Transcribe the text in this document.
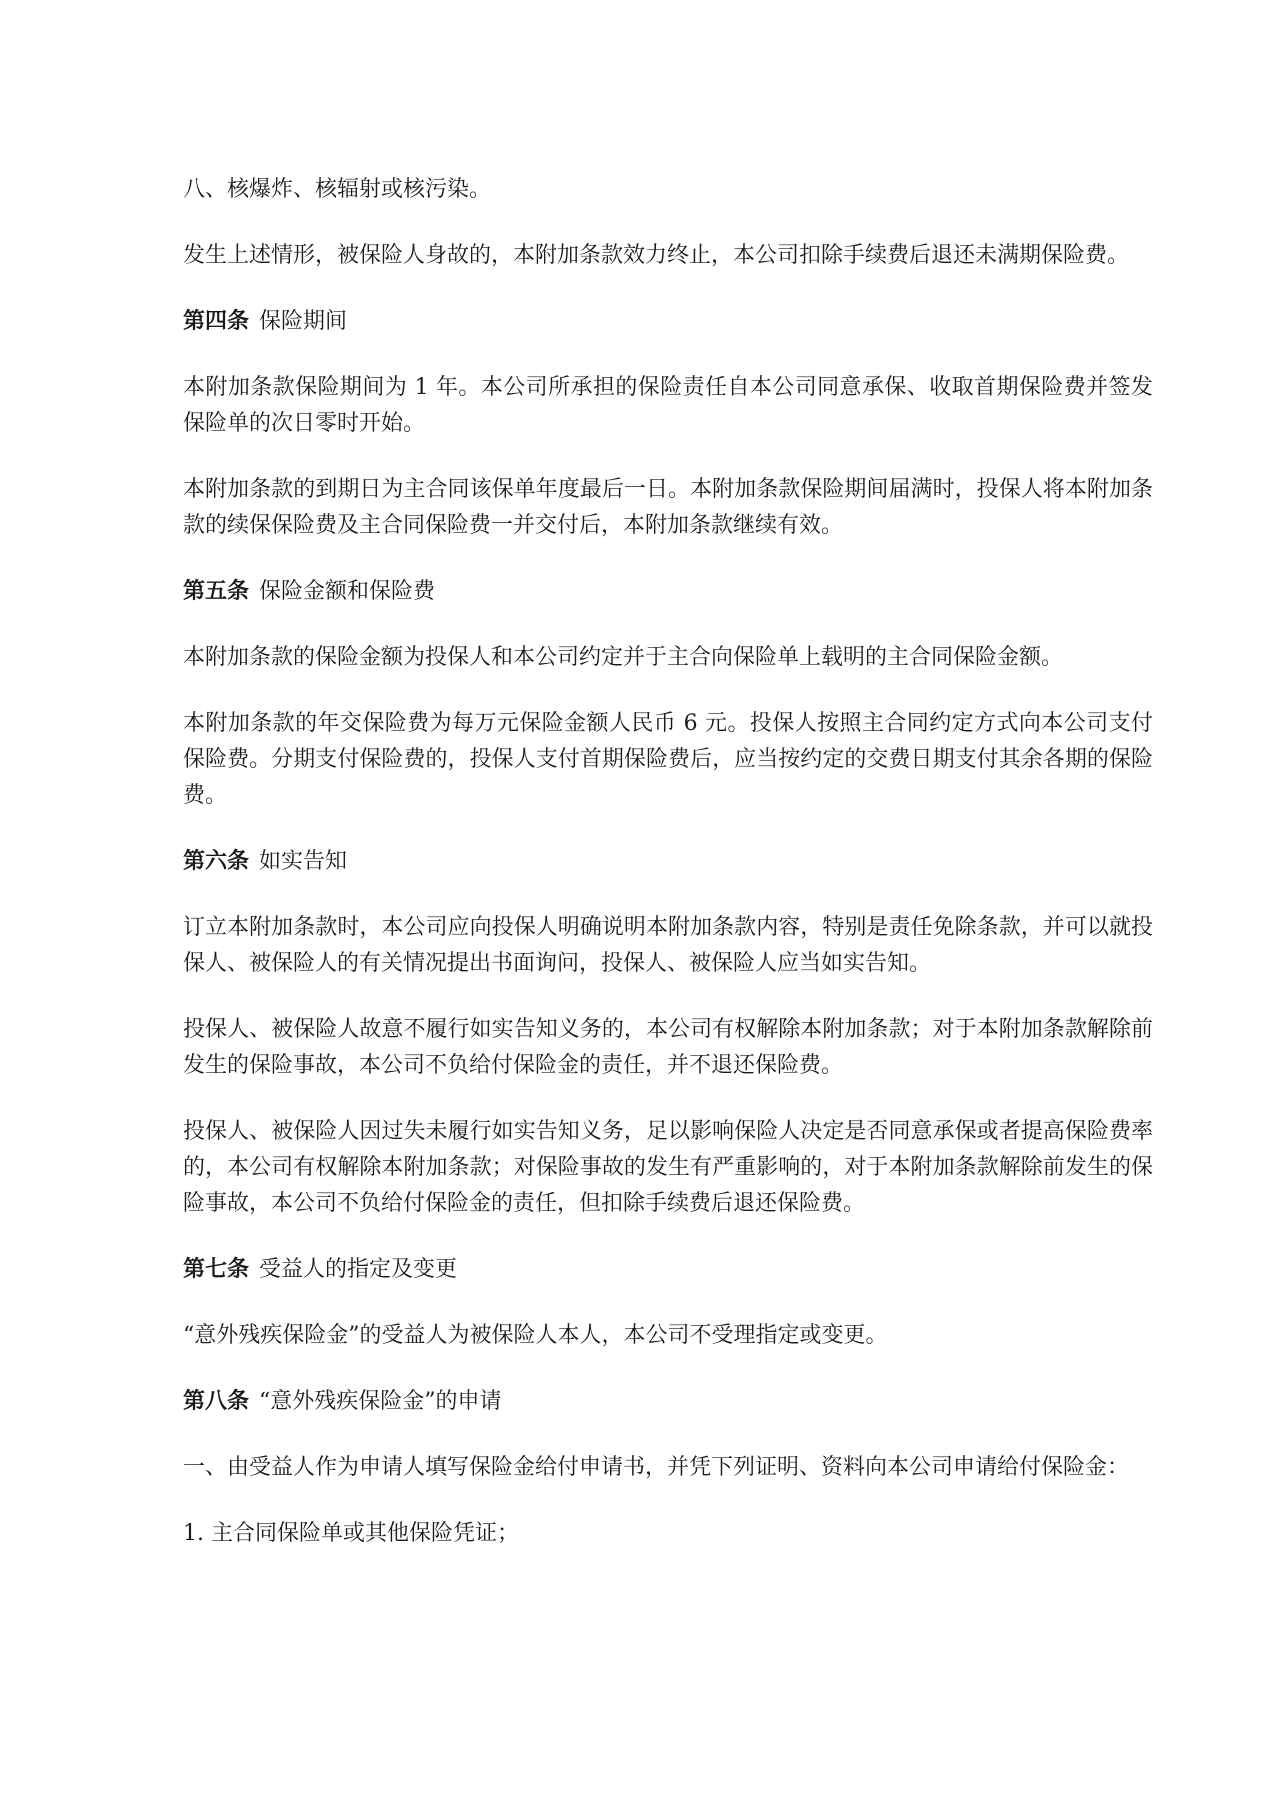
八、核爆炸、核辐射或核污染。

发生上述情形，被保险人身故的，本附加条款效力终止，本公司扣除手续费后退还未满期保险费。

第四条 保险期间

本附加条款保险期间为 1 年。本公司所承担的保险责任自本公司同意承保、收取首期保险费并签发保险单的次日零时开始。

本附加条款的到期日为主合同该保单年度最后一日。本附加条款保险期间届满时，投保人将本附加条款的续保保险费及主合同保险费一并交付后，本附加条款继续有效。

第五条 保险金额和保险费

本附加条款的保险金额为投保人和本公司约定并于主合向保险单上载明的主合同保险金额。

本附加条款的年交保险费为每万元保险金额人民币 6 元。投保人按照主合同约定方式向本公司支付保险费。分期支付保险费的，投保人支付首期保险费后，应当按约定的交费日期支付其余各期的保险费。

第六条 如实告知

订立本附加条款时，本公司应向投保人明确说明本附加条款内容，特别是责任免除条款，并可以就投保人、被保险人的有关情况提出书面询问，投保人、被保险人应当如实告知。

投保人、被保险人故意不履行如实告知义务的，本公司有权解除本附加条款；对于本附加条款解除前发生的保险事故，本公司不负给付保险金的责任，并不退还保险费。

投保人、被保险人因过失未履行如实告知义务，足以影响保险人决定是否同意承保或者提高保险费率的，本公司有权解除本附加条款；对保险事故的发生有严重影响的，对于本附加条款解除前发生的保险事故，本公司不负给付保险金的责任，但扣除手续费后退还保险费。

第七条 受益人的指定及变更

“意外残疾保险金”的受益人为被保险人本人，本公司不受理指定或变更。

第八条 “意外残疾保险金”的申请

一、由受益人作为申请人填写保险金给付申请书，并凭下列证明、资料向本公司申请给付保险金：

1. 主合同保险单或其他保险凭证；
